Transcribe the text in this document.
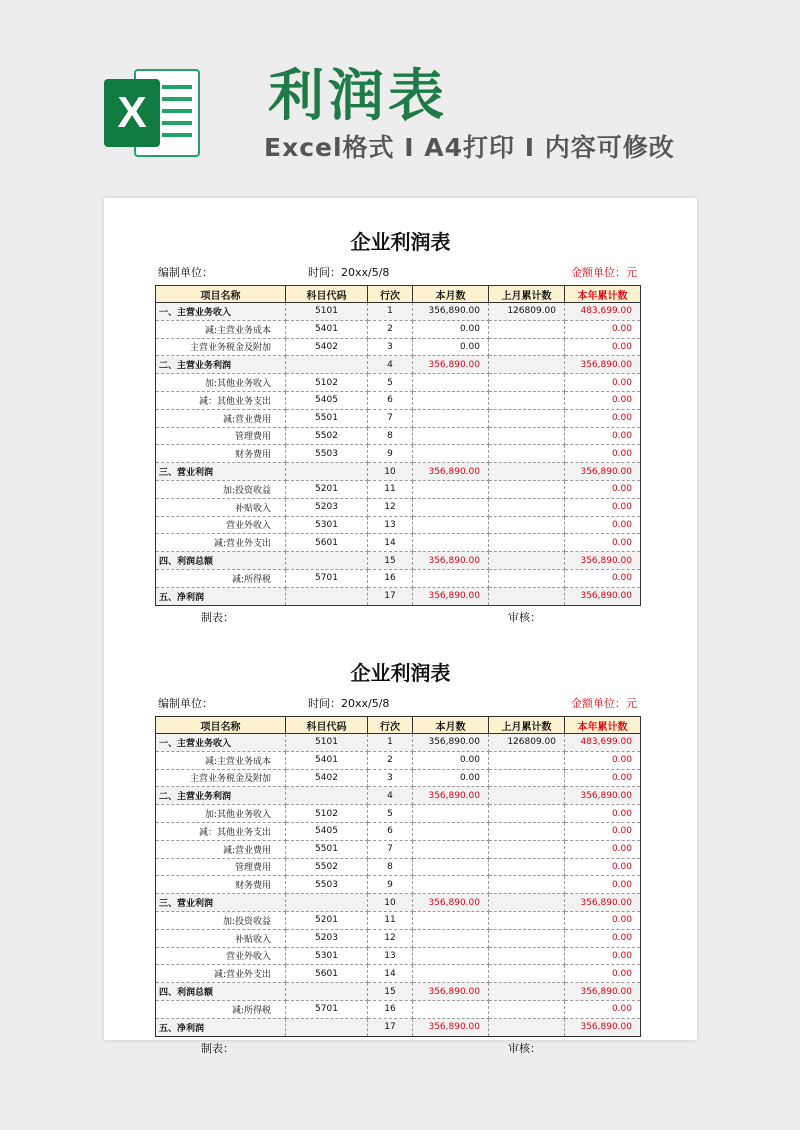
X 利润表
Excel格式 I A4打印 I 内容可修改
企业利润表
编制单位：	时间：20xx/5/8	金额单位：元
项目名称	科目代码	行次	本月数	上月累计数	本年累计数
一、主营业务收入	5101	1	356,890.00	126809.00	483,699.00
减:主营业务成本	5401	2	0.00		0.00
主营业务税金及附加	5402	3	0.00		0.00
二、主营业务利润		4	356,890.00		356,890.00
加:其他业务收入	5102	5			0.00
减：其他业务支出	5405	6			0.00
减:营业费用	5501	7			0.00
管理费用	5502	8			0.00
财务费用	5503	9			0.00
三、营业利润		10	356,890.00		356,890.00
加:投资收益	5201	11			0.00
补贴收入	5203	12			0.00
营业外收入	5301	13			0.00
减:营业外支出	5601	14			0.00
四、利润总额		15	356,890.00		356,890.00
减:所得税	5701	16			0.00
五、净利润		17	356,890.00		356,890.00
制表：	审核：
企业利润表
编制单位：	时间：20xx/5/8	金额单位：元
项目名称	科目代码	行次	本月数	上月累计数	本年累计数
一、主营业务收入	5101	1	356,890.00	126809.00	483,699.00
减:主营业务成本	5401	2	0.00		0.00
主营业务税金及附加	5402	3	0.00		0.00
二、主营业务利润		4	356,890.00		356,890.00
加:其他业务收入	5102	5			0.00
减：其他业务支出	5405	6			0.00
减:营业费用	5501	7			0.00
管理费用	5502	8			0.00
财务费用	5503	9			0.00
三、营业利润		10	356,890.00		356,890.00
加:投资收益	5201	11			0.00
补贴收入	5203	12			0.00
营业外收入	5301	13			0.00
减:营业外支出	5601	14			0.00
四、利润总额		15	356,890.00		356,890.00
减:所得税	5701	16			0.00
五、净利润		17	356,890.00		356,890.00
制表：	审核：
